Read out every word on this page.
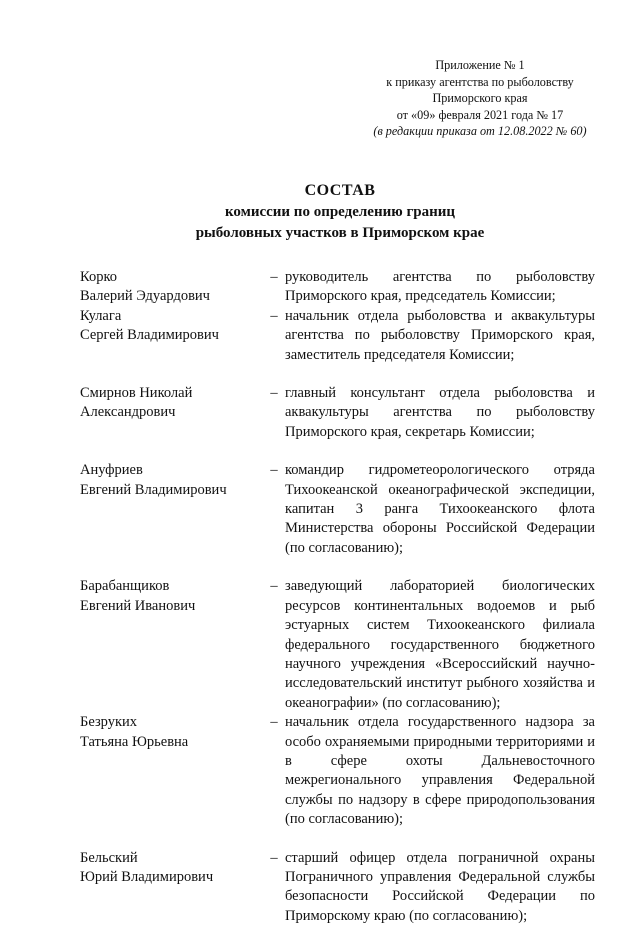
Приложение № 1
к приказу агентства по рыболовству
Приморского края
от «09» февраля 2021 года № 17
(в редакции приказа от 12.08.2022 № 60)
СОСТАВ
комиссии по определению границ
рыболовных участков в Приморском крае
Корко
Валерий Эдуардович
– руководитель агентства по рыболовству Приморского края, председатель Комиссии;
Кулага
Сергей Владимирович
– начальник отдела рыболовства и аквакультуры агентства по рыболовству Приморского края, заместитель председателя Комиссии;
Смирнов Николай
Александрович
– главный консультант отдела рыболовства и аквакультуры агентства по рыболовству Приморского края, секретарь Комиссии;
Ануфриев
Евгений Владимирович
– командир гидрометеорологического отряда Тихоокеанской океанографической экспедиции, капитан 3 ранга Тихоокеанского флота Министерства обороны Российской Федерации (по согласованию);
Барабанщиков
Евгений Иванович
– заведующий лабораторией биологических ресурсов континентальных водоемов и рыб эстуарных систем Тихоокеанского филиала федерального государственного бюджетного научного учреждения «Всероссийский научно-исследовательский институт рыбного хозяйства и океанографии» (по согласованию);
Безруких
Татьяна Юрьевна
– начальник отдела государственного надзора за особо охраняемыми природными территориями и в сфере охоты Дальневосточного межрегионального управления Федеральной службы по надзору в сфере природопользования (по согласованию);
Бельский
Юрий Владимирович
– старший офицер отдела пограничной охраны Пограничного управления Федеральной службы безопасности Российской Федерации по Приморскому краю (по согласованию);
